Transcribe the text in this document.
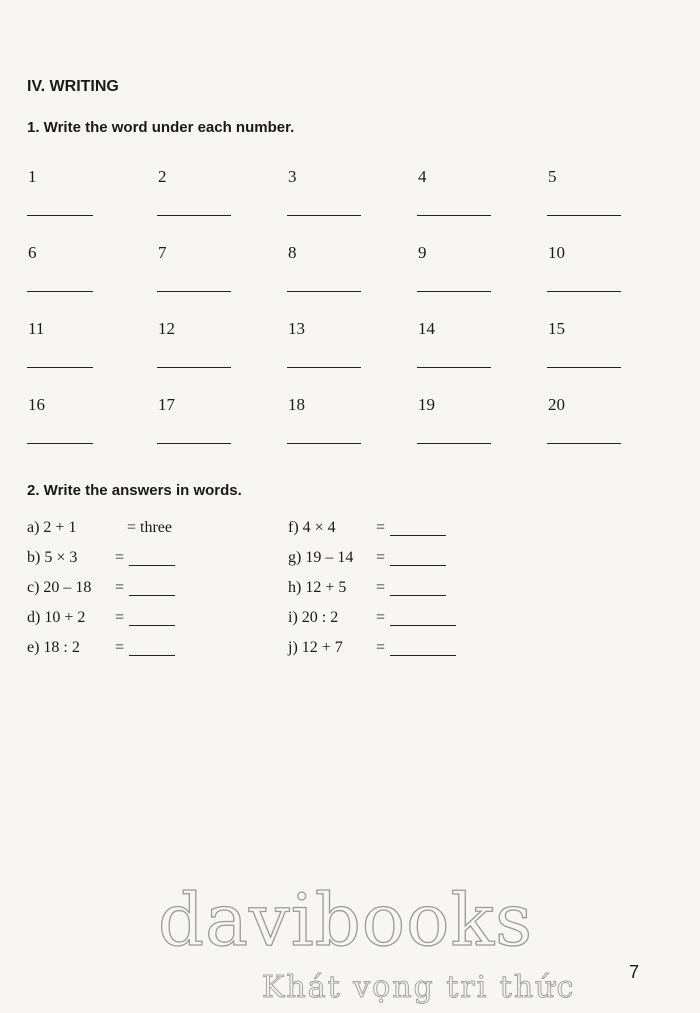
IV. WRITING
1. Write the word under each number.
1	2	3	4	5
6	7	8	9	10
11	12	13	14	15
16	17	18	19	20
2. Write the answers in words.
a) 2 + 1	= three
b) 5 × 3 =
c) 20 – 18 =
d) 10 + 2 =
e) 18 : 2 =
f) 4 × 4	=
g) 19 – 14 =
h) 12 + 5 =
i) 20 : 2 =
j) 12 + 7 =
davibooks
Khát vọng tri thức	7
